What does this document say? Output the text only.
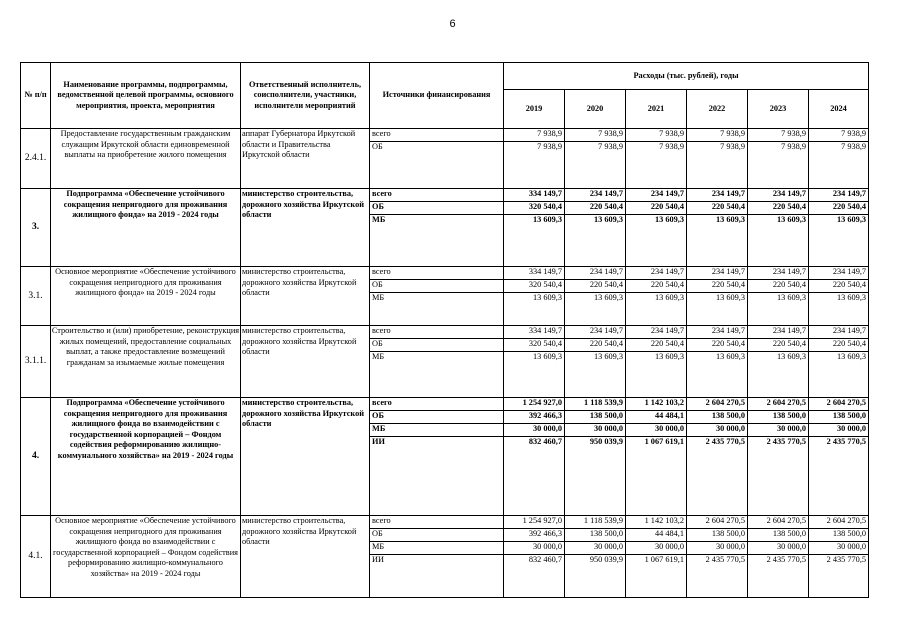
6
№ п/п	Наименование программы, подпрограммы, ведомственной целевой программы, основного мероприятия, проекта, мероприятия	Ответственный исполнитель, соисполнители, участники, исполнители мероприятий	Источники финансирования	Расходы (тыс. рублей), годы					
				2019	2020	2021	2022	2023	2024
2.4.1.	Предоставление государственным гражданским служащим Иркутской области единовременной выплаты на приобретение жилого помещения	аппарат Губернатора Иркутской области и Правительства Иркутской области	всего	7 938,9	7 938,9	7 938,9	7 938,9	7 938,9	7 938,9
			ОБ	7 938,9	7 938,9	7 938,9	7 938,9	7 938,9	7 938,9
3.	Подпрограмма «Обеспечение устойчивого сокращения непригодного для проживания жилищного фонда» на 2019 - 2024 годы	министерство строительства, дорожного хозяйства Иркутской области	всего	334 149,7	234 149,7	234 149,7	234 149,7	234 149,7	234 149,7
			ОБ	320 540,4	220 540,4	220 540,4	220 540,4	220 540,4	220 540,4
			МБ	13 609,3	13 609,3	13 609,3	13 609,3	13 609,3	13 609,3
3.1.	Основное мероприятие «Обеспечение устойчивого сокращения непригодного для проживания жилищного фонда» на 2019 - 2024 годы	министерство строительства, дорожного хозяйства Иркутской области	всего	334 149,7	234 149,7	234 149,7	234 149,7	234 149,7	234 149,7
			ОБ	320 540,4	220 540,4	220 540,4	220 540,4	220 540,4	220 540,4
			МБ	13 609,3	13 609,3	13 609,3	13 609,3	13 609,3	13 609,3
3.1.1.	Строительство и (или) приобретение, реконструкция жилых помещений, предоставление социальных выплат, а также предоставление возмещений гражданам за изымаемые жилые помещения	министерство строительства, дорожного хозяйства Иркутской области	всего	334 149,7	234 149,7	234 149,7	234 149,7	234 149,7	234 149,7
			ОБ	320 540,4	220 540,4	220 540,4	220 540,4	220 540,4	220 540,4
			МБ	13 609,3	13 609,3	13 609,3	13 609,3	13 609,3	13 609,3
4.	Подпрограмма «Обеспечение устойчивого сокращения непригодного для проживания жилищного фонда во взаимодействии с государственной корпорацией – Фондом содействия реформированию жилищно-коммунального хозяйства» на 2019 - 2024 годы	министерство строительства, дорожного хозяйства Иркутской области	всего	1 254 927,0	1 118 539,9	1 142 103,2	2 604 270,5	2 604 270,5	2 604 270,5
			ОБ	392 466,3	138 500,0	44 484,1	138 500,0	138 500,0	138 500,0
			МБ	30 000,0	30 000,0	30 000,0	30 000,0	30 000,0	30 000,0
			ИИ	832 460,7	950 039,9	1 067 619,1	2 435 770,5	2 435 770,5	2 435 770,5
4.1.	Основное мероприятие «Обеспечение устойчивого сокращения непригодного для проживания жилищного фонда во взаимодействии с государственной корпорацией – Фондом содействия реформированию жилищно-коммунального хозяйства» на 2019 - 2024 годы	министерство строительства, дорожного хозяйства Иркутской области	всего	1 254 927,0	1 118 539,9	1 142 103,2	2 604 270,5	2 604 270,5	2 604 270,5
			ОБ	392 466,3	138 500,0	44 484,1	138 500,0	138 500,0	138 500,0
			МБ	30 000,0	30 000,0	30 000,0	30 000,0	30 000,0	30 000,0
			ИИ	832 460,7	950 039,9	1 067 619,1	2 435 770,5	2 435 770,5	2 435 770,5
